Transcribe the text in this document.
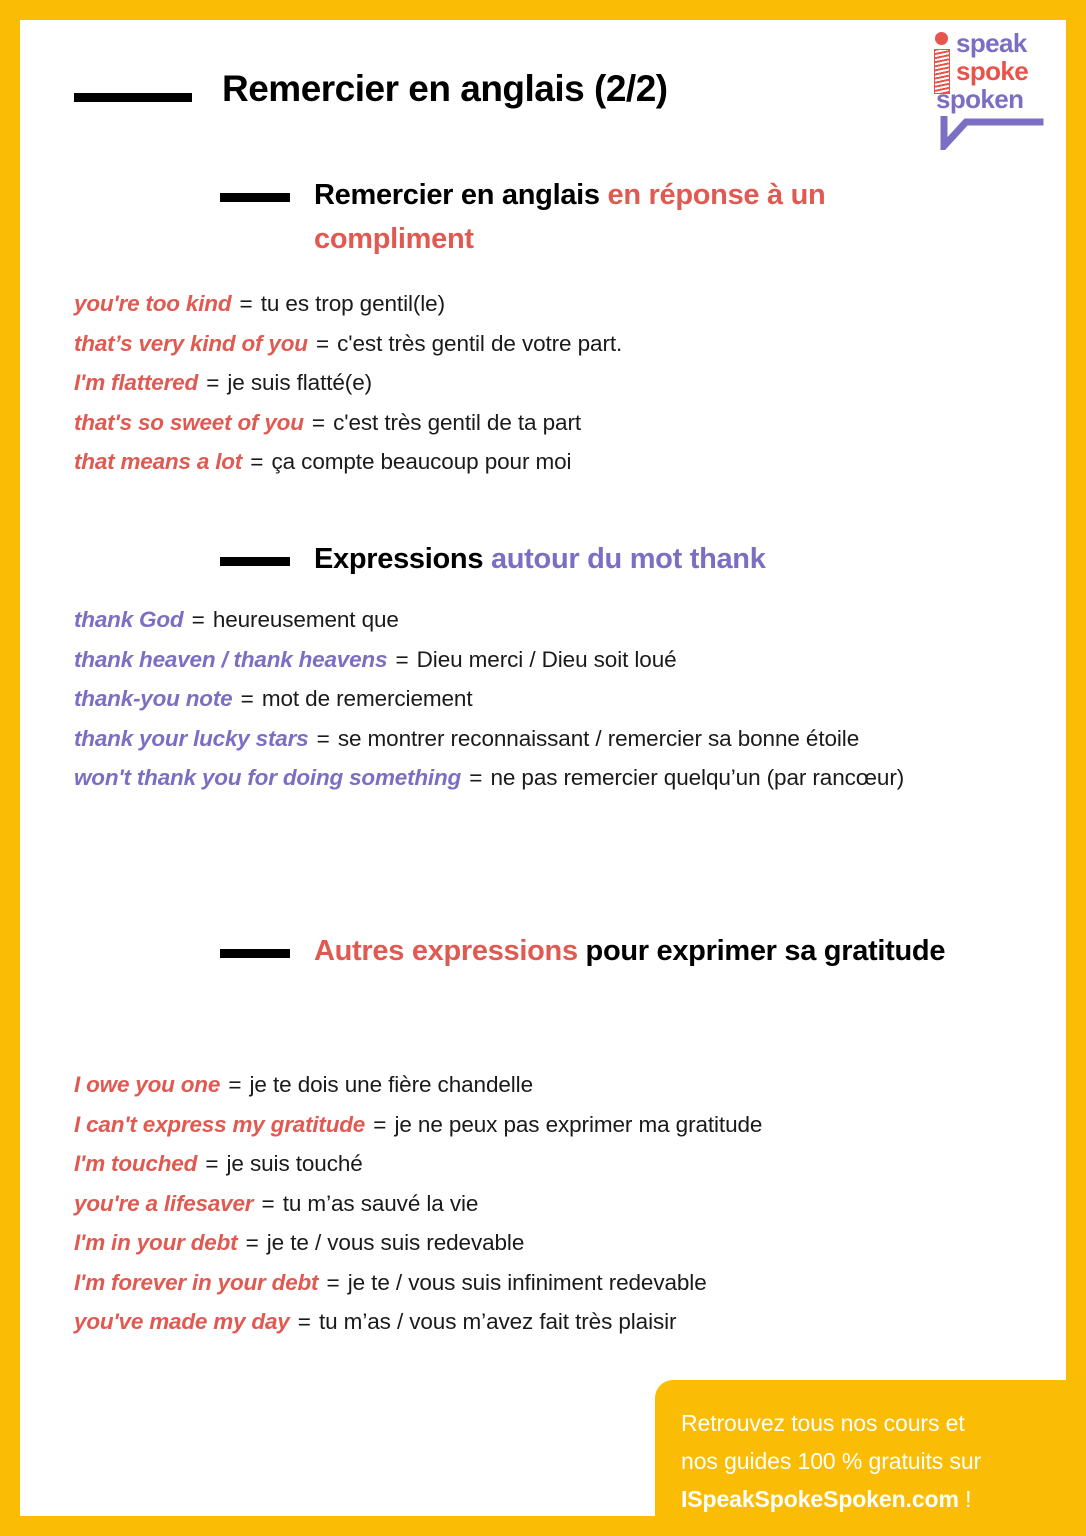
speak
spoke
spoken
Remercier en anglais (2/2)
Remercier en anglais en réponse à un compliment

you're too kind = tu es trop gentil(le)

that’s very kind of you = c'est très gentil de votre part.

I'm flattered = je suis flatté(e)

that's so sweet of you = c'est très gentil de ta part

that means a lot = ça compte beaucoup pour moi

Expressions autour du mot thank

thank God = heureusement que

thank heaven / thank heavens = Dieu merci / Dieu soit loué

thank-you note = mot de remerciement

thank your lucky stars = se montrer reconnaissant / remercier sa bonne étoile

won't thank you for doing something = ne pas remercier quelqu’un (par rancœur)

Autres expressions pour exprimer sa gratitude

I owe you one = je te dois une fière chandelle

I can't express my gratitude = je ne peux pas exprimer ma gratitude

I'm touched = je suis touché

you're a lifesaver = tu m’as sauvé la vie

I'm in your debt = je te / vous suis redevable

I'm forever in your debt = je te / vous suis infiniment redevable

you've made my day = tu m’as / vous m’avez fait très plaisir

Retrouvez tous nos cours et
nos guides 100 % gratuits sur
ISpeakSpokeSpoken.com !
